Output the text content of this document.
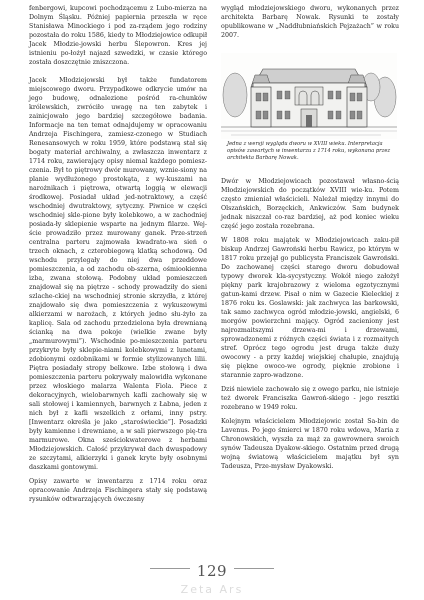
fenbergowi, kupcowi pochodzącemu z Lubo-mierza na Dolnym Śląsku. Później papiernia przeszła w ręce Stanisława Minockiego i pod za-rządem jego rodziny pozostała do roku 1586, kiedy to Młodziejowice odkupił Jacek Młodzie-jowski herbu Ślepowron. Kres jej istnieniu po-łożył najazd szwedzki, w czasie którego została doszczętnie zniszczona.

Jacek Młodziejowski był także fundatorem miejscowego dworu. Przypadkowe odkrycie umów na jego budowę, odnalezione pośród ra-chunków królewskich, zwróciło uwagę na ten zabytek i zainicjowało jego bardziej szczegółowe badania. Informacje na ten temat odnajdujemy w opracowaniu Andrzeja Fischingera, zamiesz-czonego w Studiach Renesansowych w roku 1959, które podstawą stał się bogaty materiał archiwalny, a zwłaszcza inwentarz z 1714 roku, zawierający opisy niemal każdego pomiesz-czenia. Był to piętrowy dwór murowany, wznie-siony na planie wydłużonego prostokąta, z wy-kuszami na narożnikach i piętrowa, otwartą loggią w elewacji środkowej. Posiadał układ jed-notraktowy, a część wschodniej dwutraktowy, sytyczny. Piwnice w części wschodniej skle-pione były kolebkowo, a w zachodniej posiada-ły sklepienie wsparte na jednym filarze. Wej-ście prowadziło przez murowany ganek. Prze-strzeń centralna parteru zajmowała kwadrato-wa sień o trzech oknach, z czterobiegową klatką schodową. Od wschodu przylegały do niej dwa przeddowe pomieszczenia, a od zachodu ob-szerna, ośmiookienna izba, zwana stołową. Podobny układ pomieszczeń znajdował się na piętrze - schody prowadziły do sieni szlache-ckiej na wschodniej stronie skrzydła, z której znajdowało się dwa pomieszczenia z wykuszowymi alkierzami w narożach, z których jedno słu-żyło za kaplicę. Sala od zachodu przedzielona była drewnianą ścianką na dwa pokoje (wielkie zwane były „marmurowymi”). Wschodnie po-mieszczenia parteru przykryte były sklepie-niami kolebkowymi z lunetami, zdobionymi ozdobnikami w formie stylizowanych lilii. Piętra posiadały stropy belkowe. Izbe stołową i dwa pomieszczenia parteru pokrywały malowidła wykonane przez włoskiego malarza Walenta Fiola. Piece z dekoracyjnych, wielobarwnych kafli zachowały się w sali stołowej i kamiennych, barwnych z Łabna, jeden z nich był z kafli wszelkich z orłami, inny pstry. [Inwentarz określa je jako „staroświeckie”]. Posadzki były kamienne i drewniane, a w sali pierwszego pię-tra marmurowe. Okna sześciokwaterowe z herbami Młodziejowskich. Całość przykrywał dach dwuspadowy ze szczytami, alkierzyki i ganek kryte były osobnymi daszkami gontowymi.

Opisy zawarte w inwentarzu z 1714 roku oraz opracowanie Andrzeja Fischingera stały się podstawą rysunków odtwarzających ówczesny

wygląd młodziejowskiego dworu, wykonanych przez architekta Barbarę Nowak. Rysunki te zostały opublikowane w „Naddłubniańskich Pejzażach” w roku 2007.

Jedna z wersji wyglądu dworu w XVIII wieku. Interpretacja opisów zawartych w inwentarzu z 1714 roku, wykonana przez architekta Barbarę Nowak.

Dwór w Młodziejowicach pozostawał własno-ścią Młodziejowskich do początków XVIII wie-ku. Potem często zmieniał właścicieli. Należał między innymi do Olszańskich, Borzęckich, Ankwiczów. Sam budynek jednak niszczał co-raz bardziej, aż pod koniec wieku część jego została rozebrana.

W 1808 roku majątek w Młodziejowicach zaku-pił biskup Andrzej Gawroński herbu Rawicz, po którym w 1817 roku przejął go publicysta Franciszek Gawroński. Do zachowanej części starego dworu dobudował typowy dworek kla-sycystyczny. Wokół niego założył piękny park krajobrazowy z wieloma egzotycznymi gatun-kami drzew. Pisał o nim w Gazecie Kieleckiej z 1876 roku ks. Goslawski: jak zachwyca las barkowski, tak samo zachwyca ogród młodzie-jowski, angielski, 6 morgów powierzchni mający. Ogród zacieniony jest najrozmaitszymi drzewa-mi i drzewami, sprowadzonemi z różnych części świata i z rozmaitych stref. Oprócz tego ogrodu jest druga także duży owocowy - a przy każdej wiejskiej chałupie, znajdują się piękne owoco-we ogrody, pięknie zrobione i starannie zapro-wadzone.

Dziś niewiele zachowało się z owego parku, nie istnieje też dworek Franciszka Gawroń-skiego - jego resztki rozebrano w 1949 roku.

Kolejnym właścicielem Młodziejowic został Sa-bin de Lavenus. Po jego śmierci w 1870 roku wdowa, Maria z Chronowskich, wyszła za mąż za gawrownera swoich synów Tadeusza Dyakow-skiego. Ostatnim przed drugą wojną światową właścicielem majątku był syn Tadeusza, Prze-mysław Dyakowski.

129
Zeta Ars
